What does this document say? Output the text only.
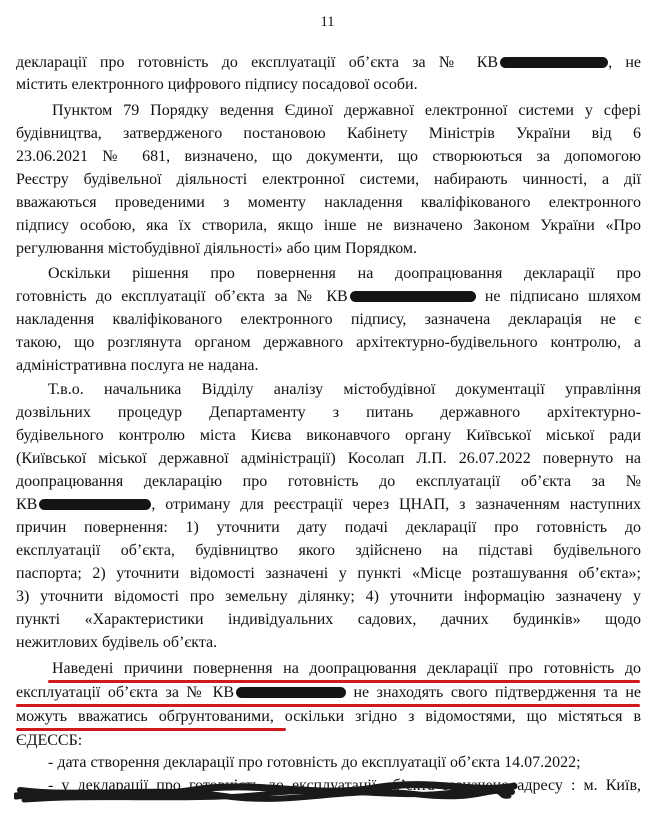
11
декларації про готовність до експлуатації об’єкта за № КВ	, не
містить електронного цифрового підпису посадової особи.
Пунктом 79 Порядку ведення Єдиної державної електронної системи у сфері
будівництва, затвердженого постановою Кабінету Міністрів України від 6
23.06.2021 № 681, визначено, що документи, що створюються за допомогою
Реєстру будівельної діяльності електронної системи, набирають чинності, а дії
вважаються проведеними з моменту накладення кваліфікованого електронного
підпису особою, яка їх створила, якщо інше не визначено Законом України «Про
регулювання містобудівної діяльності» або цим Порядком.
Оскільки рішення про повернення на доопрацювання декларації про
готовність до експлуатації об’єкта за № КВ	не підписано шляхом
накладення кваліфікованого електронного підпису, зазначена декларація не є
такою, що розглянута органом державного архітектурно-будівельного контролю, а
адміністративна послуга не надана.
Т.в.о. начальника Відділу аналізу містобудівної документації управління
дозвільних процедур Департаменту з питань державного архітектурно-
будівельного контролю міста Києва виконавчого органу Київської міської ради
(Київської міської державної адміністрації) Косолап Л.П. 26.07.2022 повернуто на
доопрацювання декларацію про готовність до експлуатації об’єкта за №
КВ	, отриману для реєстрації через ЦНАП, з зазначенням наступних
причин повернення: 1) уточнити дату подачі декларації про готовність до
експлуатації об’єкта, будівництво якого здійснено на підставі будівельного
паспорта; 2) уточнити відомості зазначені у пункті «Місце розташування об’єкта»;
3) уточнити відомості про земельну ділянку; 4) уточнити інформацію зазначену у
пункті «Характеристики індивідуальних садових, дачних будинків» щодо
нежитлових будівель об’єкта.
Наведені причини повернення на доопрацювання декларації про готовність до
експлуатації об’єкта за № КВ	не знаходять свого підтвердження та не
можуть вважатись обґрунтованими, оскільки згідно з відомостями, що містяться в
ЄДЕССБ:
- дата створення декларації про готовність до експлуатації об’єкта 14.07.2022;
- у декларації про готовність до експлуатації об’єкта зазначено адресу : м. Київ,
